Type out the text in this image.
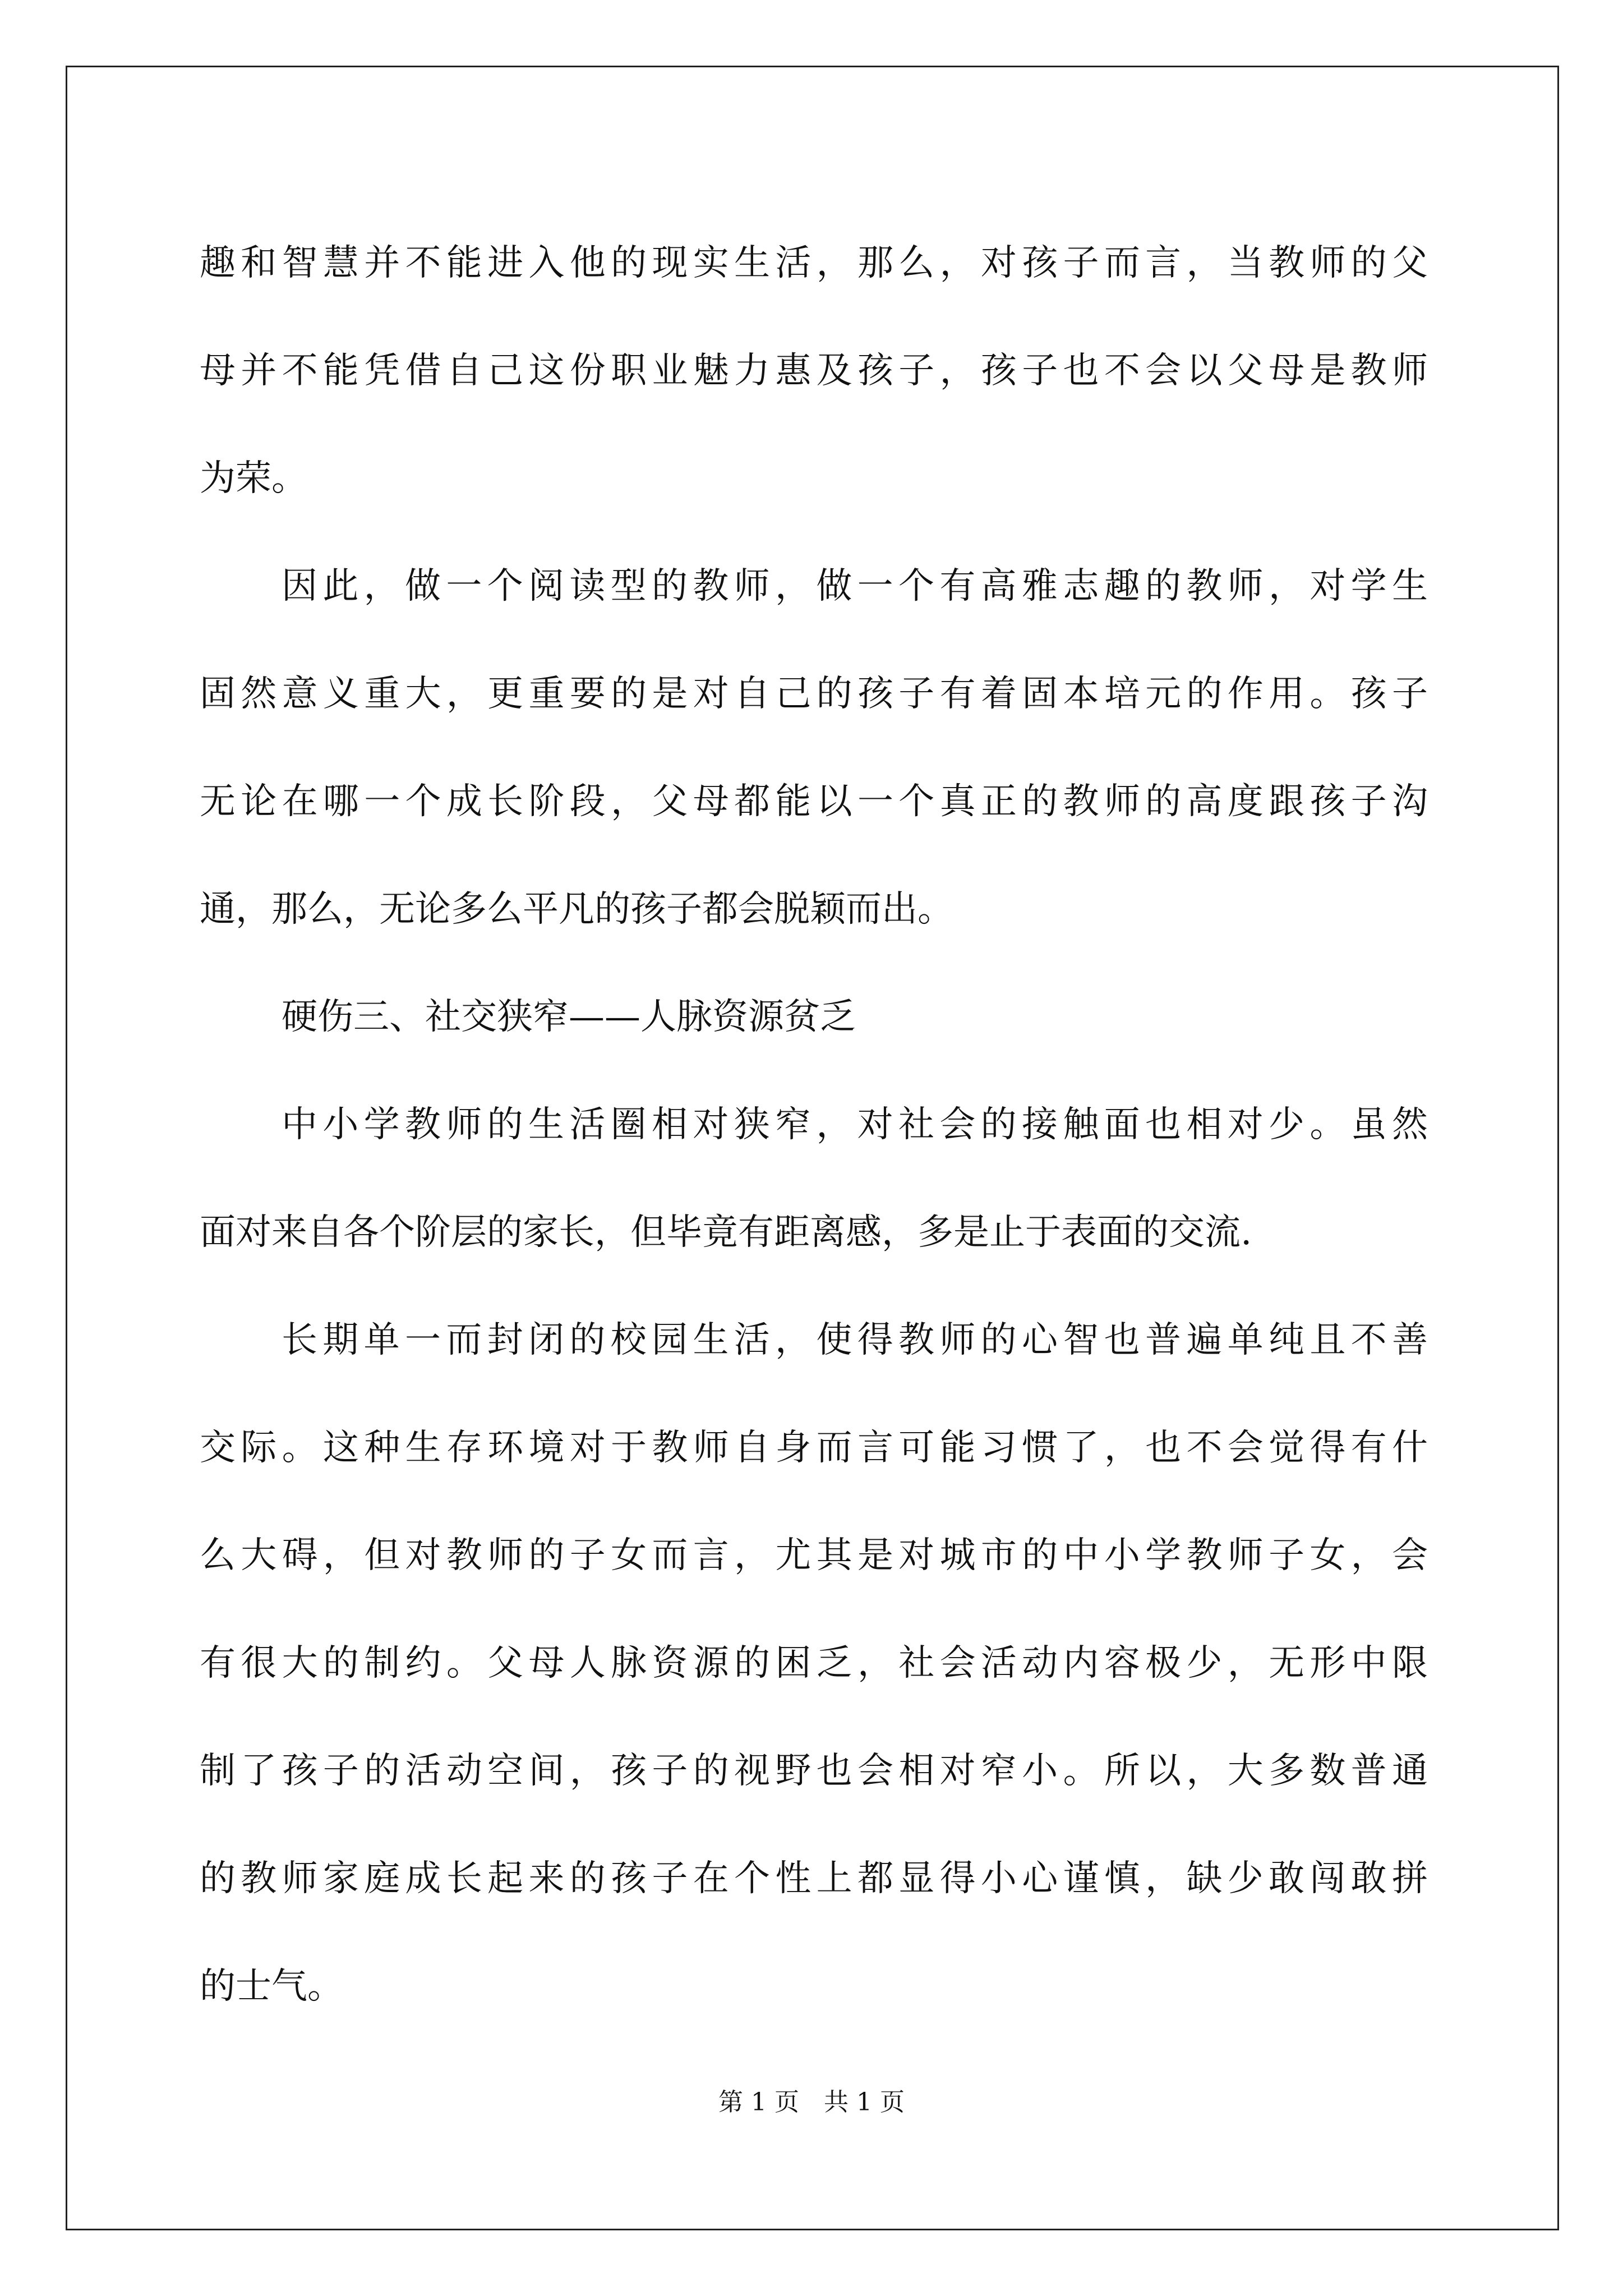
趣和智慧并不能进入他的现实生活，那么，对孩子而言，当教师的父
母并不能凭借自己这份职业魅力惠及孩子，孩子也不会以父母是教师
为荣。
因此，做一个阅读型的教师，做一个有高雅志趣的教师，对学生
固然意义重大，更重要的是对自己的孩子有着固本培元的作用。孩子
无论在哪一个成长阶段，父母都能以一个真正的教师的高度跟孩子沟
通，那么，无论多么平凡的孩子都会脱颖而出。
硬伤三、社交狭窄——人脉资源贫乏
中小学教师的生活圈相对狭窄，对社会的接触面也相对少。虽然
面对来自各个阶层的家长，但毕竟有距离感，多是止于表面的交流.
长期单一而封闭的校园生活，使得教师的心智也普遍单纯且不善
交际。这种生存环境对于教师自身而言可能习惯了，也不会觉得有什
么大碍，但对教师的子女而言，尤其是对城市的中小学教师子女，会
有很大的制约。父母人脉资源的困乏，社会活动内容极少，无形中限
制了孩子的活动空间，孩子的视野也会相对窄小。所以，大多数普通
的教师家庭成长起来的孩子在个性上都显得小心谨慎，缺少敢闯敢拼
的士气。
第 1 页　共 1 页
